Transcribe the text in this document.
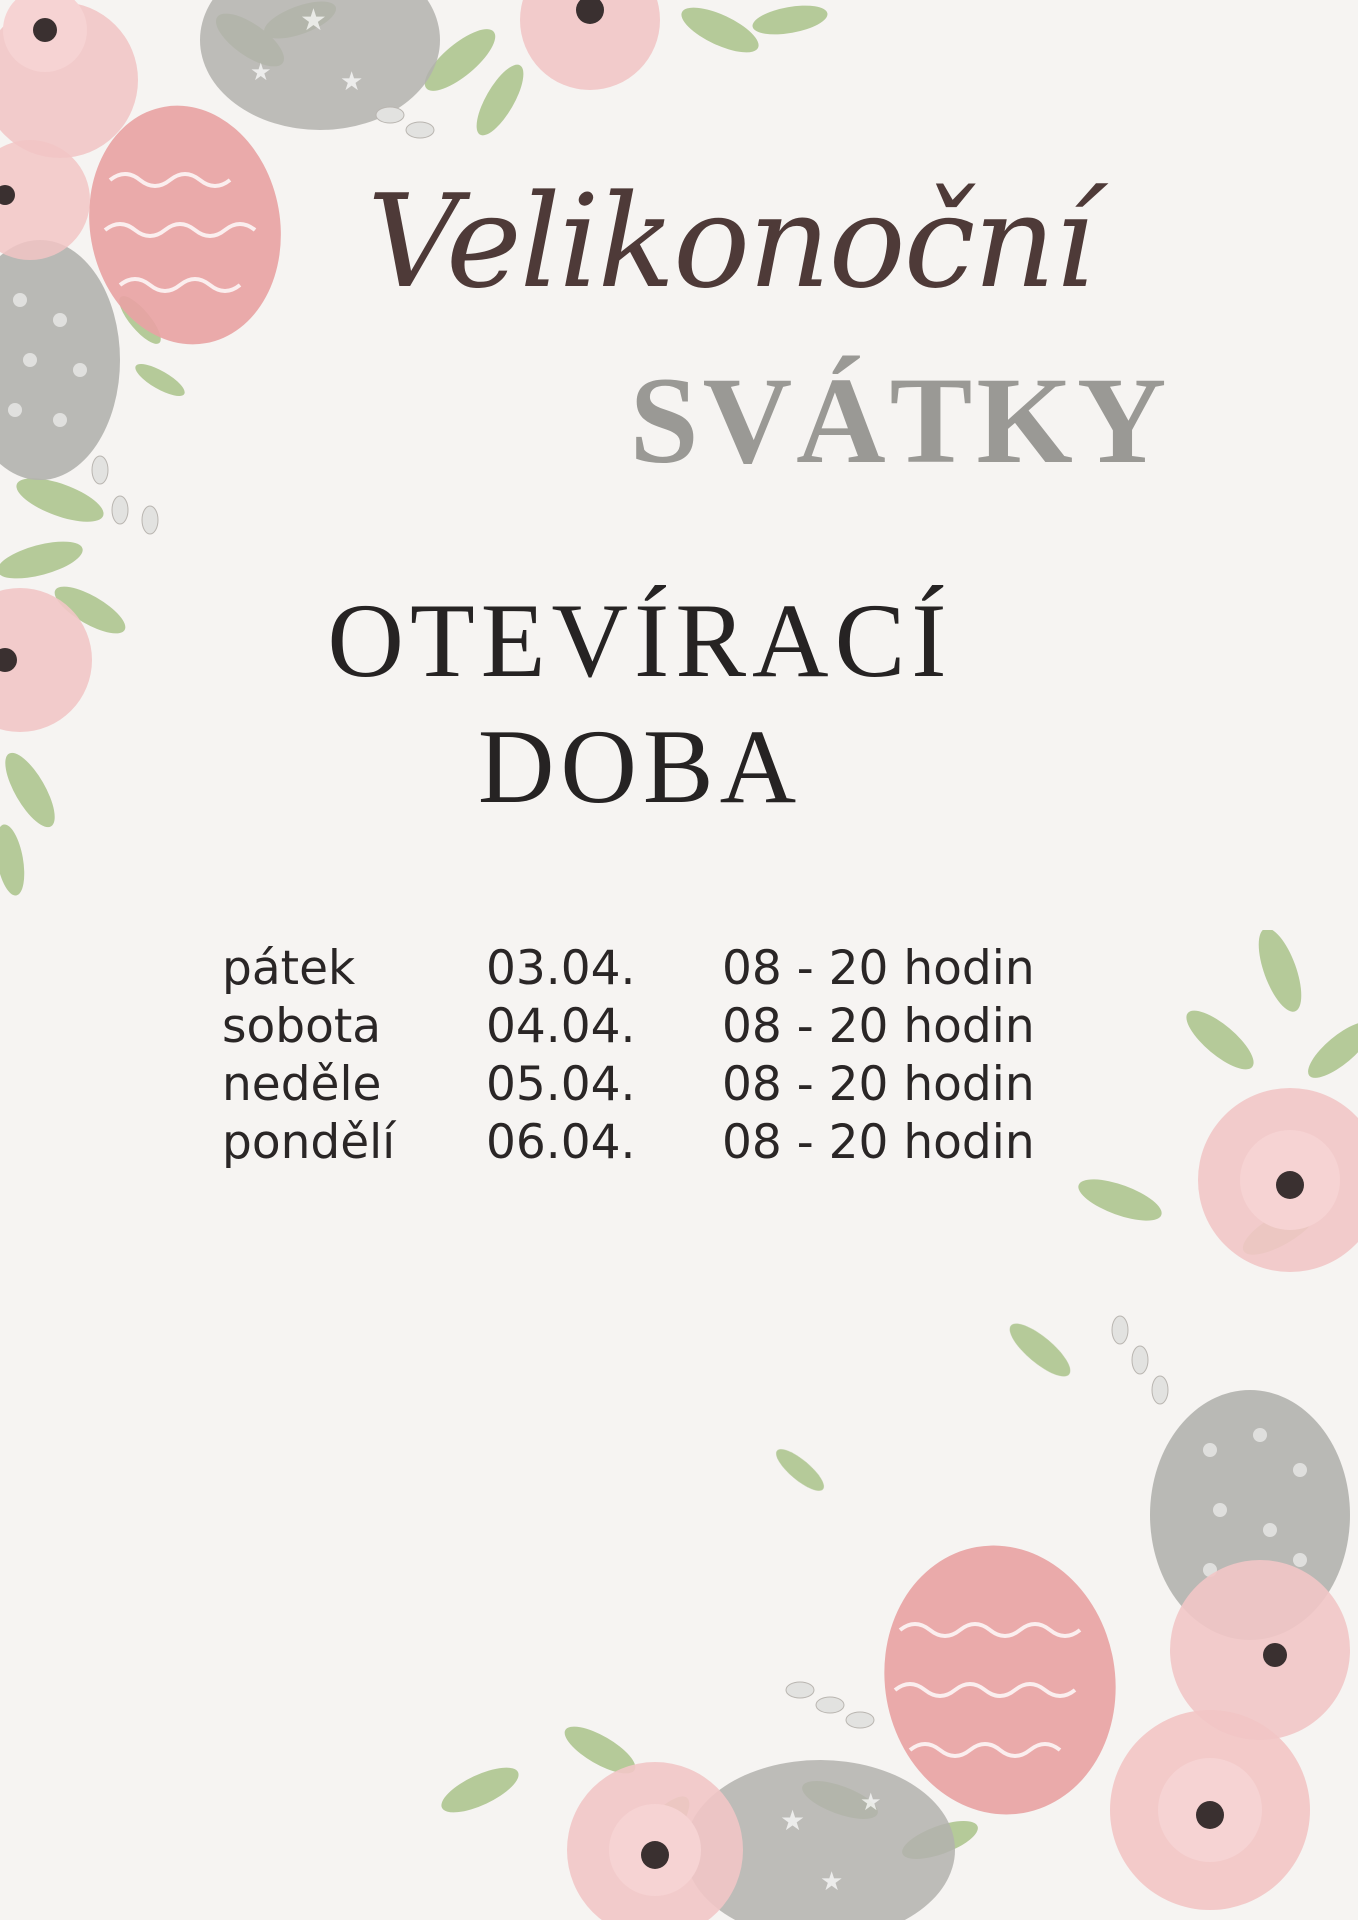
★
★
★
★
★
★
Velikonoční
SVÁTKY
OTEVÍRACÍ
DOBA
pátek	03.04. 08 - 20 hodin
sobota 04.04. 08 - 20 hodin
neděle 05.04. 08 - 20 hodin
pondělí 06.04. 08 - 20 hodin
